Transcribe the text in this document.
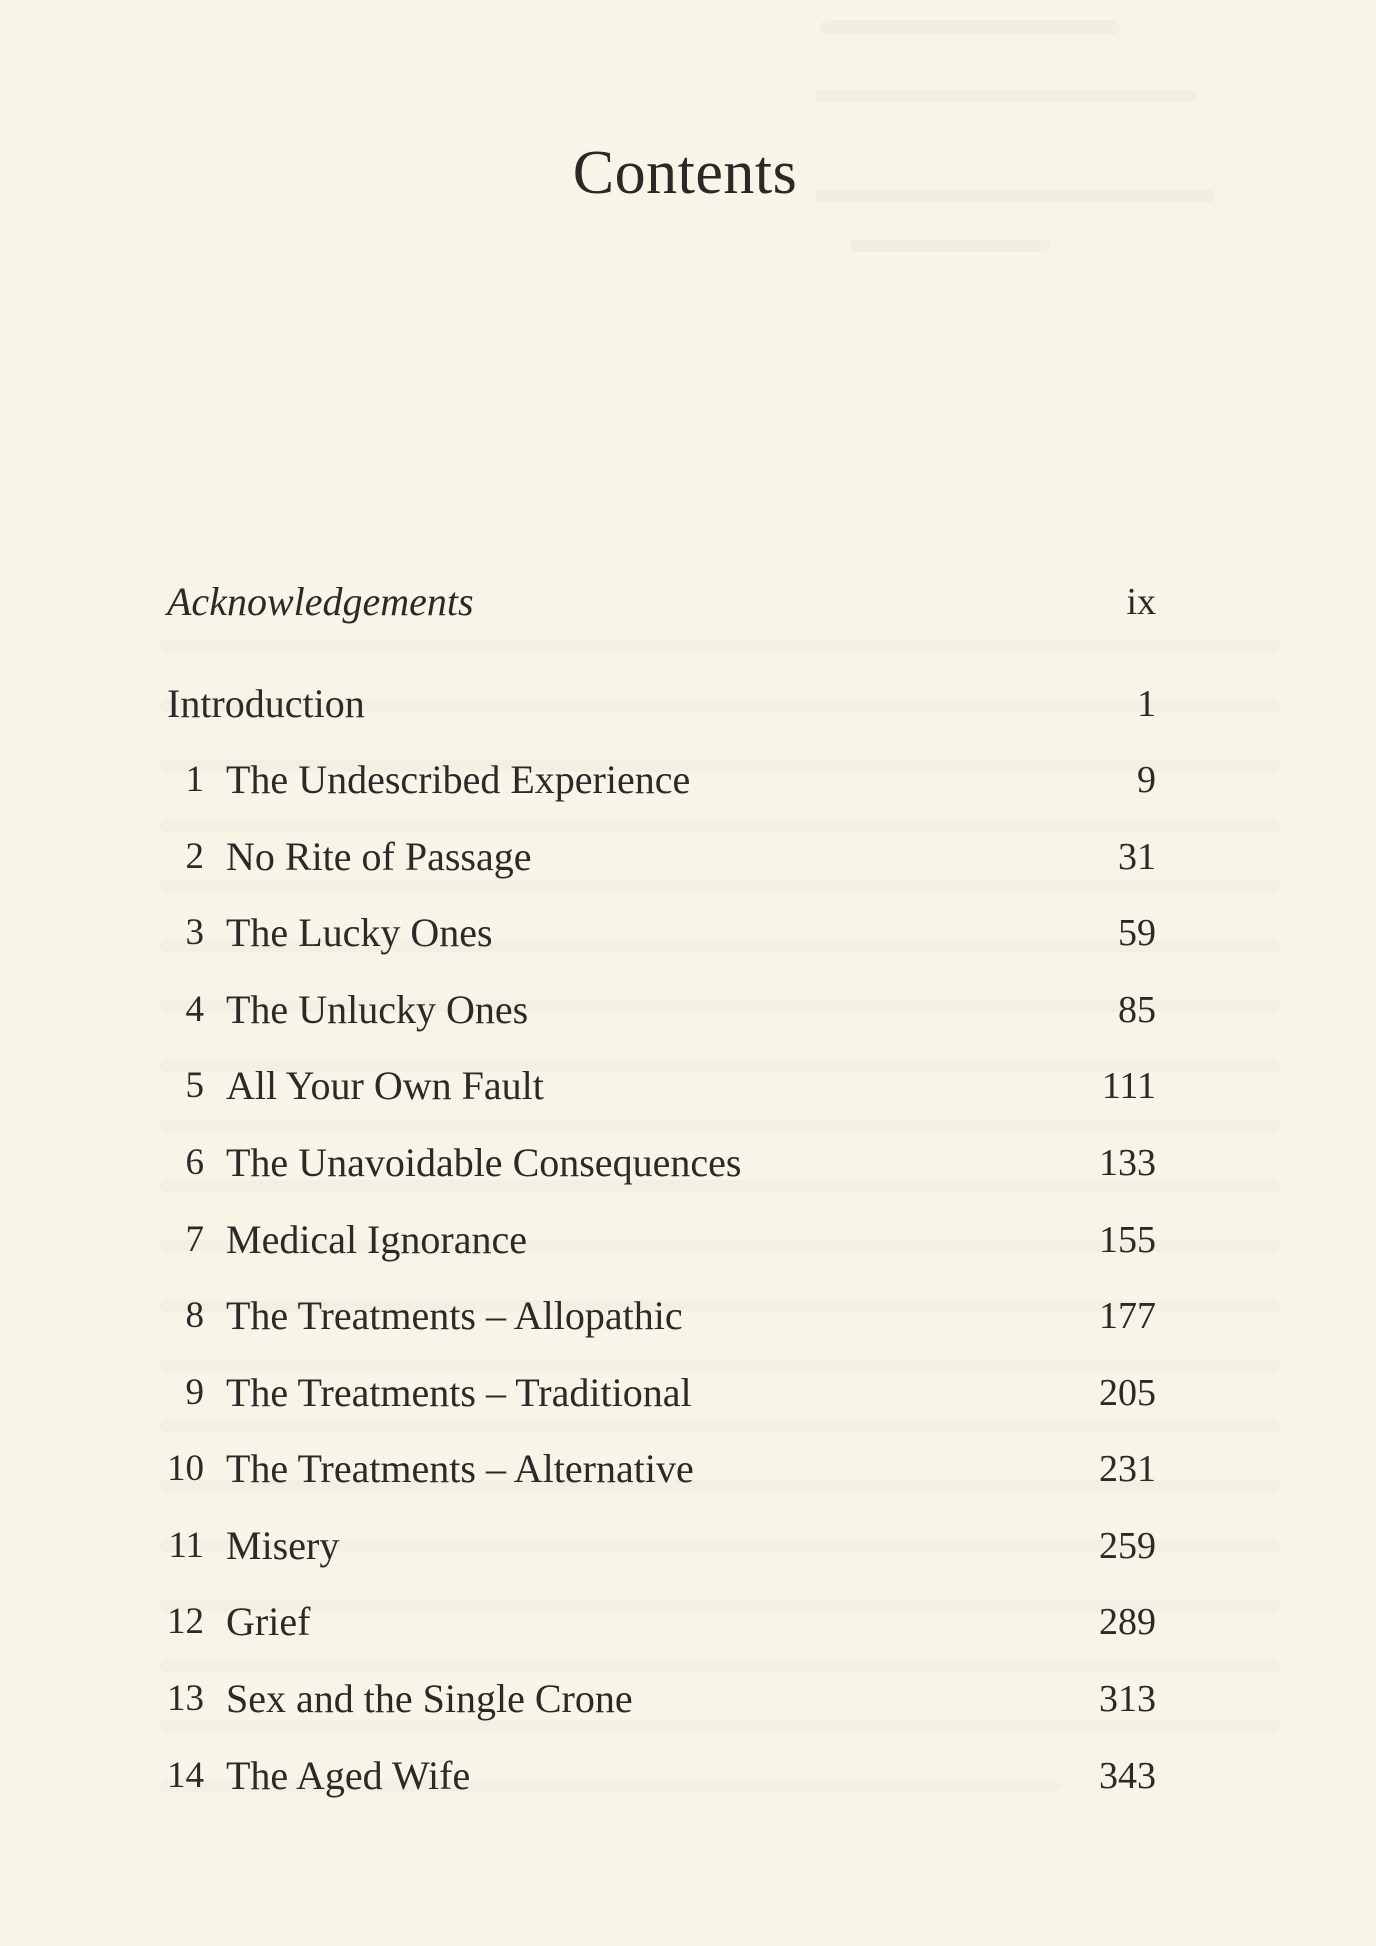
Contents
Acknowledgements	ix
Introduction	1
1 The Undescribed Experience	9
2 No Rite of Passage	31
3 The Lucky Ones	59
4 The Unlucky Ones	85
5 All Your Own Fault	111
6 The Unavoidable Consequences	133
7 Medical Ignorance	155
8 The Treatments – Allopathic	177
9 The Treatments – Traditional	205
10 The Treatments – Alternative	231
11 Misery	259
12 Grief	289
13 Sex and the Single Crone	313
14 The Aged Wife	343
